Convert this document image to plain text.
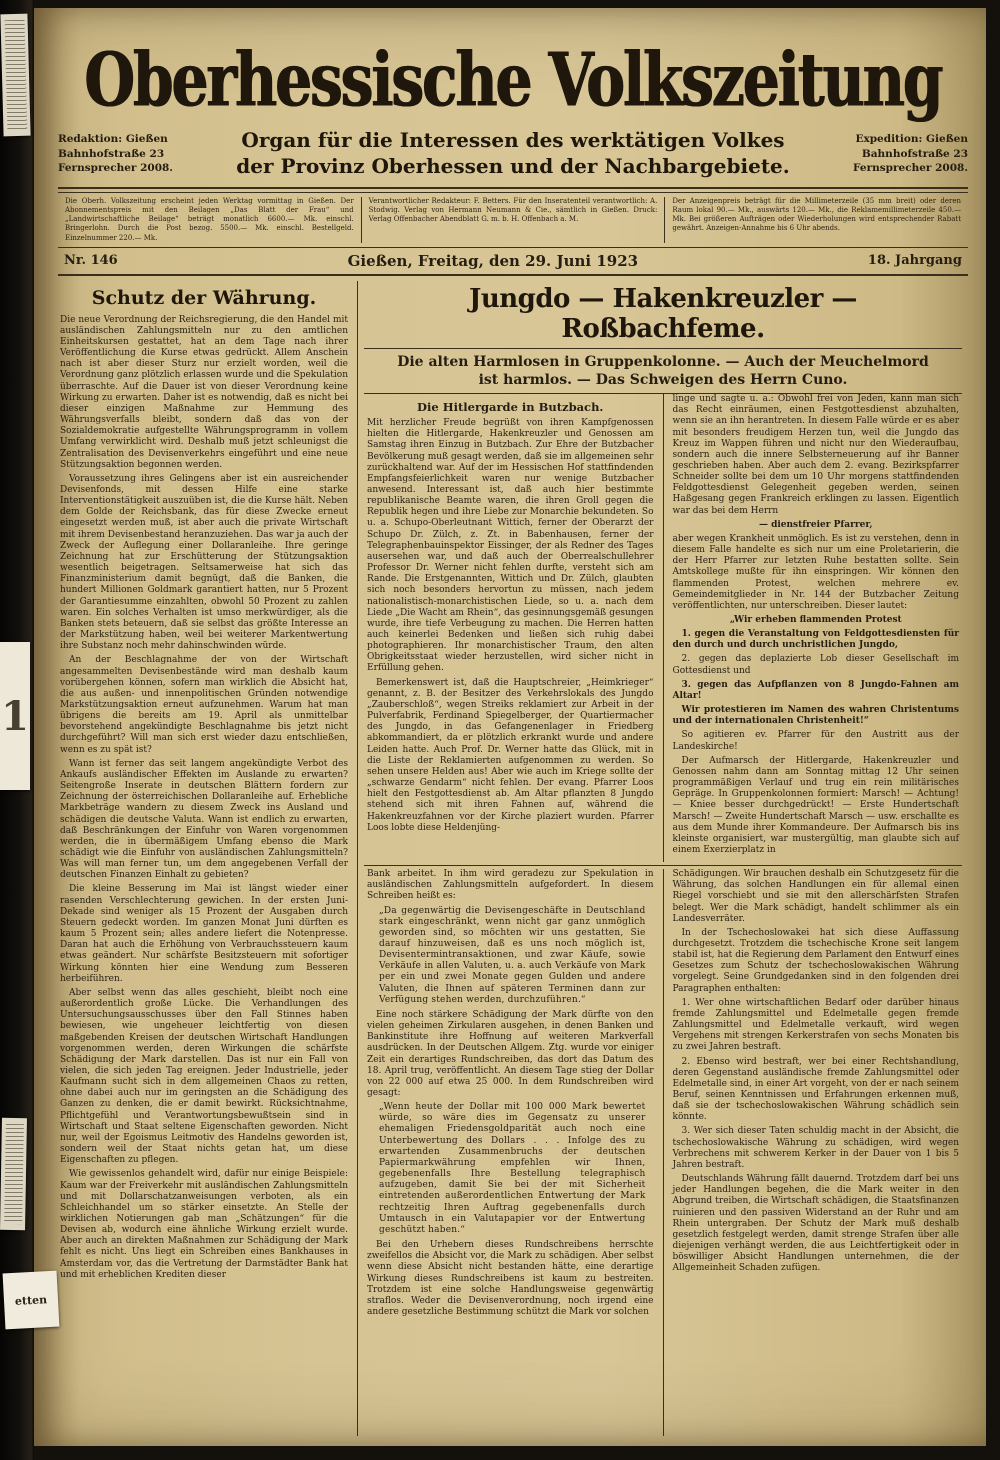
1
etten
Oberhessische Volkszeitung
Redaktion: Gießen
Bahnhofstraße 23
Fernsprecher 2008.
Organ für die Interessen des werktätigen Volkes
der Provinz Oberhessen und der Nachbargebiete.
Expedition: Gießen
Bahnhofstraße 23
Fernsprecher 2008.
Die Oberh. Volkszeitung erscheint jeden Werktag vormittag in Gießen. Der Abonnementspreis mit den Beilagen „Das Blatt der Frau“ und „Landwirtschaftliche Beilage“ beträgt monatlich 6600.— Mk. einschl. Bringerlohn. Durch die Post bezog. 5500.— Mk. einschl. Bestellgeld. Einzelnummer 220.— Mk.
Verantwortlicher Redakteur: F. Betters. Für den Inseratenteil verantwortlich: A. Stodwig. Verlag von Hermann Neumann & Cie., sämtlich in Gießen. Druck: Verlag Offenbacher Abendblatt G. m. b. H. Offenbach a. M.
Der Anzeigenpreis beträgt für die Millimeterzeile (35 mm breit) oder deren Raum lokal 90.— Mk., auswärts 120.— Mk., die Reklamemillimeterzeile 450.— Mk. Bei größeren Aufträgen oder Wiederholungen wird entsprechender Rabatt gewährt. Anzeigen-Annahme bis 6 Uhr abends.
Nr. 146	Gießen, Freitag, den 29. Juni 1923	18. Jahrgang
Schutz der Währung.

Die neue Verordnung der Reichsregierung, die den Handel mit ausländischen Zahlungsmitteln nur zu den amtlichen Einheitskursen gestattet, hat an dem Tage nach ihrer Veröffentlichung die Kurse etwas gedrückt. Allem Anschein nach ist aber dieser Sturz nur erzielt worden, weil die Verordnung ganz plötzlich erlassen wurde und die Spekulation überraschte. Auf die Dauer ist von dieser Verordnung keine Wirkung zu erwarten. Daher ist es notwendig, daß es nicht bei dieser einzigen Maßnahme zur Hemmung des Währungsverfalls bleibt, sondern daß das von der Sozialdemokratie aufgestellte Währungsprogramm in vollem Umfang verwirklicht wird. Deshalb muß jetzt schleunigst die Zentralisation des Devisenverkehrs eingeführt und eine neue Stützungsaktion begonnen werden.

Voraussetzung ihres Gelingens aber ist ein ausreichender Devisenfonds, mit dessen Hilfe eine starke Interventionstätigkeit auszuüben ist, die die Kurse hält. Neben dem Golde der Reichsbank, das für diese Zwecke erneut eingesetzt werden muß, ist aber auch die private Wirtschaft mit ihrem Devisenbestand heranzuziehen. Das war ja auch der Zweck der Auflegung einer Dollaranleihe. Ihre geringe Zeichnung hat zur Erschütterung der Stützungsaktion wesentlich beigetragen. Seltsamerweise hat sich das Finanzministerium damit begnügt, daß die Banken, die hundert Millionen Goldmark garantiert hatten, nur 5 Prozent der Garantiesumme einzahlten, obwohl 50 Prozent zu zahlen waren. Ein solches Verhalten ist umso merkwürdiger, als die Banken stets beteuern, daß sie selbst das größte Interesse an der Markstützung haben, weil bei weiterer Markentwertung ihre Substanz noch mehr dahinschwinden würde.

An der Beschlagnahme der von der Wirtschaft angesammelten Devisenbestände wird man deshalb kaum vorübergehen können, sofern man wirklich die Absicht hat, die aus außen- und innenpolitischen Gründen notwendige Markstützungsaktion erneut aufzunehmen. Warum hat man übrigens die bereits am 19. April als unmittelbar bevorstehend angekündigte Beschlagnahme bis jetzt nicht durchgeführt? Will man sich erst wieder dazu entschließen, wenn es zu spät ist?

Wann ist ferner das seit langem angekündigte Verbot des Ankaufs ausländischer Effekten im Auslande zu erwarten? Seitengroße Inserate in deutschen Blättern fordern zur Zeichnung der österreichischen Dollaranleihe auf. Erhebliche Markbeträge wandern zu diesem Zweck ins Ausland und schädigen die deutsche Valuta. Wann ist endlich zu erwarten, daß Beschränkungen der Einfuhr von Waren vorgenommen werden, die in übermäßigem Umfang ebenso die Mark schädigt wie die Einfuhr von ausländischen Zahlungsmitteln? Was will man ferner tun, um dem angegebenen Verfall der deutschen Finanzen Einhalt zu gebieten?

Die kleine Besserung im Mai ist längst wieder einer rasenden Verschlechterung gewichen. In der ersten Juni-Dekade sind weniger als 15 Prozent der Ausgaben durch Steuern gedeckt worden. Im ganzen Monat Juni dürften es kaum 5 Prozent sein; alles andere liefert die Notenpresse. Daran hat auch die Erhöhung von Verbrauchssteuern kaum etwas geändert. Nur schärfste Besitzsteuern mit sofortiger Wirkung könnten hier eine Wendung zum Besseren herbeiführen.

Aber selbst wenn das alles geschieht, bleibt noch eine außerordentlich große Lücke. Die Verhandlungen des Untersuchungsausschusses über den Fall Stinnes haben bewiesen, wie ungeheuer leichtfertig von diesen maßgebenden Kreisen der deutschen Wirtschaft Handlungen vorgenommen werden, deren Wirkungen die schärfste Schädigung der Mark darstellen. Das ist nur ein Fall von vielen, die sich jeden Tag ereignen. Jeder Industrielle, jeder Kaufmann sucht sich in dem allgemeinen Chaos zu retten, ohne dabei auch nur im geringsten an die Schädigung des Ganzen zu denken, die er damit bewirkt. Rücksichtnahme, Pflichtgefühl und Verantwortungsbewußtsein sind in Wirtschaft und Staat seltene Eigenschaften geworden. Nicht nur, weil der Egoismus Leitmotiv des Handelns geworden ist, sondern weil der Staat nichts getan hat, um diese Eigenschaften zu pflegen.

Wie gewissenlos gehandelt wird, dafür nur einige Beispiele: Kaum war der Freiverkehr mit ausländischen Zahlungsmitteln und mit Dollarschatzanweisungen verboten, als ein Schleichhandel um so stärker einsetzte. An Stelle der wirklichen Notierungen gab man „Schätzungen“ für die Devisen ab, wodurch eine ähnliche Wirkung erzielt wurde. Aber auch an direkten Maßnahmen zur Schädigung der Mark fehlt es nicht. Uns liegt ein Schreiben eines Bankhauses in Amsterdam vor, das die Vertretung der Darmstädter Bank hat und mit erheblichen Krediten dieser

Jungdo — Hakenkreuzler — Roßbachfeme.
Die alten Harmlosen in Gruppenkolonne. — Auch der Meuchelmord
ist harmlos. — Das Schweigen des Herrn Cuno.
Die Hitlergarde in Butzbach.

Mit herzlicher Freude begrüßt von ihren Kampfgenossen hielten die Hitlergarde, Hakenkreuzler und Genossen am Samstag ihren Einzug in Butzbach. Zur Ehre der Butzbacher Bevölkerung muß gesagt werden, daß sie im allgemeinen sehr zurückhaltend war. Auf der im Hessischen Hof stattfindenden Empfangsfeierlichkeit waren nur wenige Butzbacher anwesend. Interessant ist, daß auch hier bestimmte republikanische Beamte waren, die ihren Groll gegen die Republik hegen und ihre Liebe zur Monarchie bekundeten. So u. a. Schupo-Oberleutnant Wittich, ferner der Oberarzt der Schupo Dr. Zülch, z. Zt. in Babenhausen, ferner der Telegraphenbauinspektor Eissinger, der als Redner des Tages ausersehen war, und daß auch der Oberrealschullehrer Professor Dr. Werner nicht fehlen durfte, versteht sich am Rande. Die Erstgenannten, Wittich und Dr. Zülch, glaubten sich noch besonders hervortun zu müssen, nach jedem nationalistisch-monarchistischen Liede, so u. a. nach dem Liede „Die Wacht am Rhein“, das gesinnungsgemäß gesungen wurde, ihre tiefe Verbeugung zu machen. Die Herren hatten auch keinerlei Bedenken und ließen sich ruhig dabei photographieren. Ihr monarchistischer Traum, den alten Obrigkeitsstaat wieder herzustellen, wird sicher nicht in Erfüllung gehen.

Bemerkenswert ist, daß die Hauptschreier, „Heimkrieger“ genannt, z. B. der Besitzer des Verkehrslokals des Jungdo „Zauberschloß“, wegen Streiks reklamiert zur Arbeit in der Pulverfabrik, Ferdinand Spiegelberger, der Quartiermacher des Jungdo, in das Gefangenenlager in Friedberg abkommandiert, da er plötzlich erkrankt wurde und andere Leiden hatte. Auch Prof. Dr. Werner hatte das Glück, mit in die Liste der Reklamierten aufgenommen zu werden. So sehen unsere Helden aus! Aber wie auch im Kriege sollte der „schwarze Gendarm“ nicht fehlen. Der evang. Pfarrer Loos hielt den Festgottesdienst ab. Am Altar pflanzten 8 Jungdo stehend sich mit ihren Fahnen auf, während die Hakenkreuzfahnen vor der Kirche plaziert wurden. Pfarrer Loos lobte diese Heldenjüng-

linge und sagte u. a.: Obwohl frei von Jeden, kann man sich das Recht einräumen, einen Festgottesdienst abzuhalten, wenn sie an ihn herantreten. In diesem Falle würde er es aber mit besonders freudigem Herzen tun, weil die Jungdo das Kreuz im Wappen führen und nicht nur den Wiederaufbau, sondern auch die innere Selbsterneuerung auf ihr Banner geschrieben haben. Aber auch dem 2. evang. Bezirkspfarrer Schneider sollte bei dem um 10 Uhr morgens stattfindenden Feldgottesdienst Gelegenheit gegeben werden, seinen Haßgesang gegen Frankreich erklingen zu lassen. Eigentlich war das bei dem Herrn

— dienstfreier Pfarrer,

aber wegen Krankheit unmöglich. Es ist zu verstehen, denn in diesem Falle handelte es sich nur um eine Proletarierin, die der Herr Pfarrer zur letzten Ruhe bestatten sollte. Sein Amtskollege mußte für ihn einspringen. Wir können den flammenden Protest, welchen mehrere ev. Gemeindemitglieder in Nr. 144 der Butzbacher Zeitung veröffentlichten, nur unterschreiben. Dieser lautet:

„Wir erheben flammenden Protest

1. gegen die Veranstaltung von Feldgottesdiensten für den durch und durch unchristlichen Jungdo,

2. gegen das deplazierte Lob dieser Gesellschaft im Gottesdienst und

3. gegen das Aufpflanzen von 8 Jungdo-Fahnen am Altar!

Wir protestieren im Namen des wahren Christentums und der internationalen Christenheit!“

So agitieren ev. Pfarrer für den Austritt aus der Landeskirche!

Der Aufmarsch der Hitlergarde, Hakenkreuzler und Genossen nahm dann am Sonntag mittag 12 Uhr seinen programmäßigen Verlauf und trug ein rein militärisches Gepräge. In Gruppenkolonnen formiert: Marsch! — Achtung! — Kniee besser durchgedrückt! — Erste Hundertschaft Marsch! — Zweite Hundertschaft Marsch — usw. erschallte es aus dem Munde ihrer Kommandeure. Der Aufmarsch bis ins kleinste organisiert, war mustergültig, man glaubte sich auf einem Exerzierplatz in

Bank arbeitet. In ihm wird geradezu zur Spekulation in ausländischen Zahlungsmitteln aufgefordert. In diesem Schreiben heißt es:

„Da gegenwärtig die Devisengeschäfte in Deutschland stark eingeschränkt, wenn nicht gar ganz unmöglich geworden sind, so möchten wir uns gestatten, Sie darauf hinzuweisen, daß es uns noch möglich ist, Devisentermintransaktionen, und zwar Käufe, sowie Verkäufe in allen Valuten, u. a. auch Verkäufe von Mark per ein und zwei Monate gegen Gulden und andere Valuten, die Ihnen auf späteren Terminen dann zur Verfügung stehen werden, durchzuführen.“

Eine noch stärkere Schädigung der Mark dürfte von den vielen geheimen Zirkularen ausgehen, in denen Banken und Bankinstitute ihre Hoffnung auf weiteren Markverfall ausdrücken. In der Deutschen Allgem. Ztg. wurde vor einiger Zeit ein derartiges Rundschreiben, das dort das Datum des 18. April trug, veröffentlicht. An diesem Tage stieg der Dollar von 22 000 auf etwa 25 000. In dem Rundschreiben wird gesagt:

„Wenn heute der Dollar mit 100 000 Mark bewertet würde, so wäre dies im Gegensatz zu unserer ehemaligen Friedensgoldparität auch noch eine Unterbewertung des Dollars . . . Infolge des zu erwartenden Zusammenbruchs der deutschen Papiermarkwährung empfehlen wir Ihnen, gegebenenfalls Ihre Bestellung telegraphisch aufzugeben, damit Sie bei der mit Sicherheit eintretenden außerordentlichen Entwertung der Mark rechtzeitig Ihren Auftrag gegebenenfalls durch Umtausch in ein Valutapapier vor der Entwertung geschützt haben.“

Bei den Urhebern dieses Rundschreibens herrschte zweifellos die Absicht vor, die Mark zu schädigen. Aber selbst wenn diese Absicht nicht bestanden hätte, eine derartige Wirkung dieses Rundschreibens ist kaum zu bestreiten. Trotzdem ist eine solche Handlungsweise gegenwärtig straflos. Weder die Devisenverordnung, noch irgend eine andere gesetzliche Bestimmung schützt die Mark vor solchen

Schädigungen. Wir brauchen deshalb ein Schutzgesetz für die Währung, das solchen Handlungen ein für allemal einen Riegel vorschiebt und sie mit den allerschärfsten Strafen belegt. Wer die Mark schädigt, handelt schlimmer als ein Landesverräter.

In der Tschechoslowakei hat sich diese Auffassung durchgesetzt. Trotzdem die tschechische Krone seit langem stabil ist, hat die Regierung dem Parlament den Entwurf eines Gesetzes zum Schutz der tschechoslowakischen Währung vorgelegt. Seine Grundgedanken sind in den folgenden drei Paragraphen enthalten:

1. Wer ohne wirtschaftlichen Bedarf oder darüber hinaus fremde Zahlungsmittel und Edelmetalle gegen fremde Zahlungsmittel und Edelmetalle verkauft, wird wegen Vergehens mit strengen Kerkerstrafen von sechs Monaten bis zu zwei Jahren bestraft.

2. Ebenso wird bestraft, wer bei einer Rechtshandlung, deren Gegenstand ausländische fremde Zahlungsmittel oder Edelmetalle sind, in einer Art vorgeht, von der er nach seinem Beruf, seinen Kenntnissen und Erfahrungen erkennen muß, daß sie der tschechoslowakischen Währung schädlich sein könnte.

3. Wer sich dieser Taten schuldig macht in der Absicht, die tschechoslowakische Währung zu schädigen, wird wegen Verbrechens mit schwerem Kerker in der Dauer von 1 bis 5 Jahren bestraft.

Deutschlands Währung fällt dauernd. Trotzdem darf bei uns jeder Handlungen begehen, die die Mark weiter in den Abgrund treiben, die Wirtschaft schädigen, die Staatsfinanzen ruinieren und den passiven Widerstand an der Ruhr und am Rhein untergraben. Der Schutz der Mark muß deshalb gesetzlich festgelegt werden, damit strenge Strafen über alle diejenigen verhängt werden, die aus Leichtfertigkeit oder in böswilliger Absicht Handlungen unternehmen, die der Allgemeinheit Schaden zufügen.
